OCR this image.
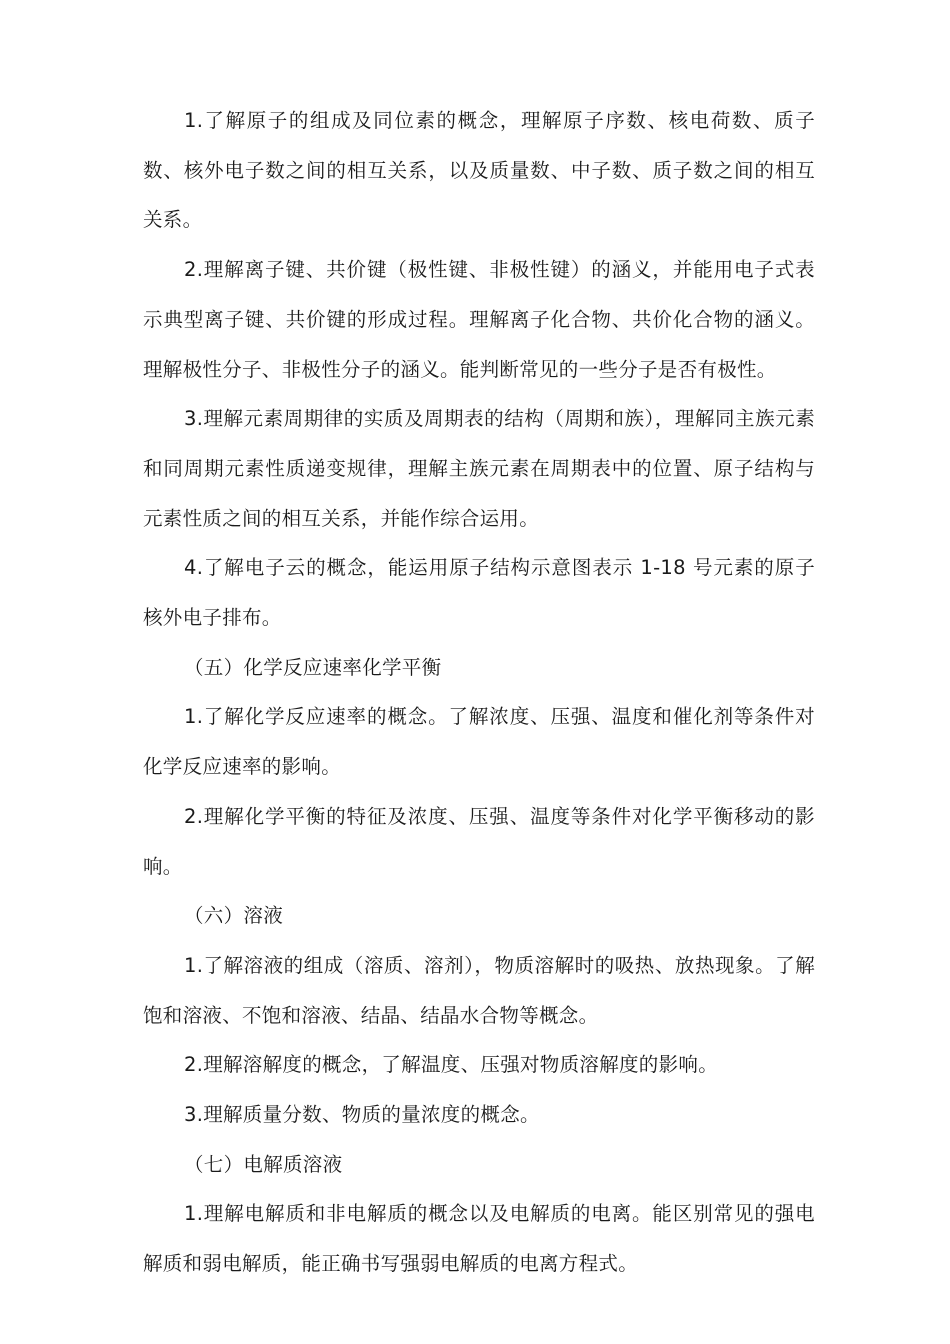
1.了解原子的组成及同位素的概念，理解原子序数、核电荷数、质子数、核外电子数之间的相互关系，以及质量数、中子数、质子数之间的相互关系。

2.理解离子键、共价键（极性键、非极性键）的涵义，并能用电子式表示典型离子键、共价键的形成过程。理解离子化合物、共价化合物的涵义。理解极性分子、非极性分子的涵义。能判断常见的一些分子是否有极性。

3.理解元素周期律的实质及周期表的结构（周期和族），理解同主族元素和同周期元素性质递变规律，理解主族元素在周期表中的位置、原子结构与元素性质之间的相互关系，并能作综合运用。

4.了解电子云的概念，能运用原子结构示意图表示 1-18 号元素的原子核外电子排布。

（五）化学反应速率化学平衡

1.了解化学反应速率的概念。了解浓度、压强、温度和催化剂等条件对化学反应速率的影响。

2.理解化学平衡的特征及浓度、压强、温度等条件对化学平衡移动的影响。

（六）溶液

1.了解溶液的组成（溶质、溶剂），物质溶解时的吸热、放热现象。了解饱和溶液、不饱和溶液、结晶、结晶水合物等概念。

2.理解溶解度的概念，了解温度、压强对物质溶解度的影响。

3.理解质量分数、物质的量浓度的概念。

（七）电解质溶液

1.理解电解质和非电解质的概念以及电解质的电离。能区别常见的强电解质和弱电解质，能正确书写强弱电解质的电离方程式。
